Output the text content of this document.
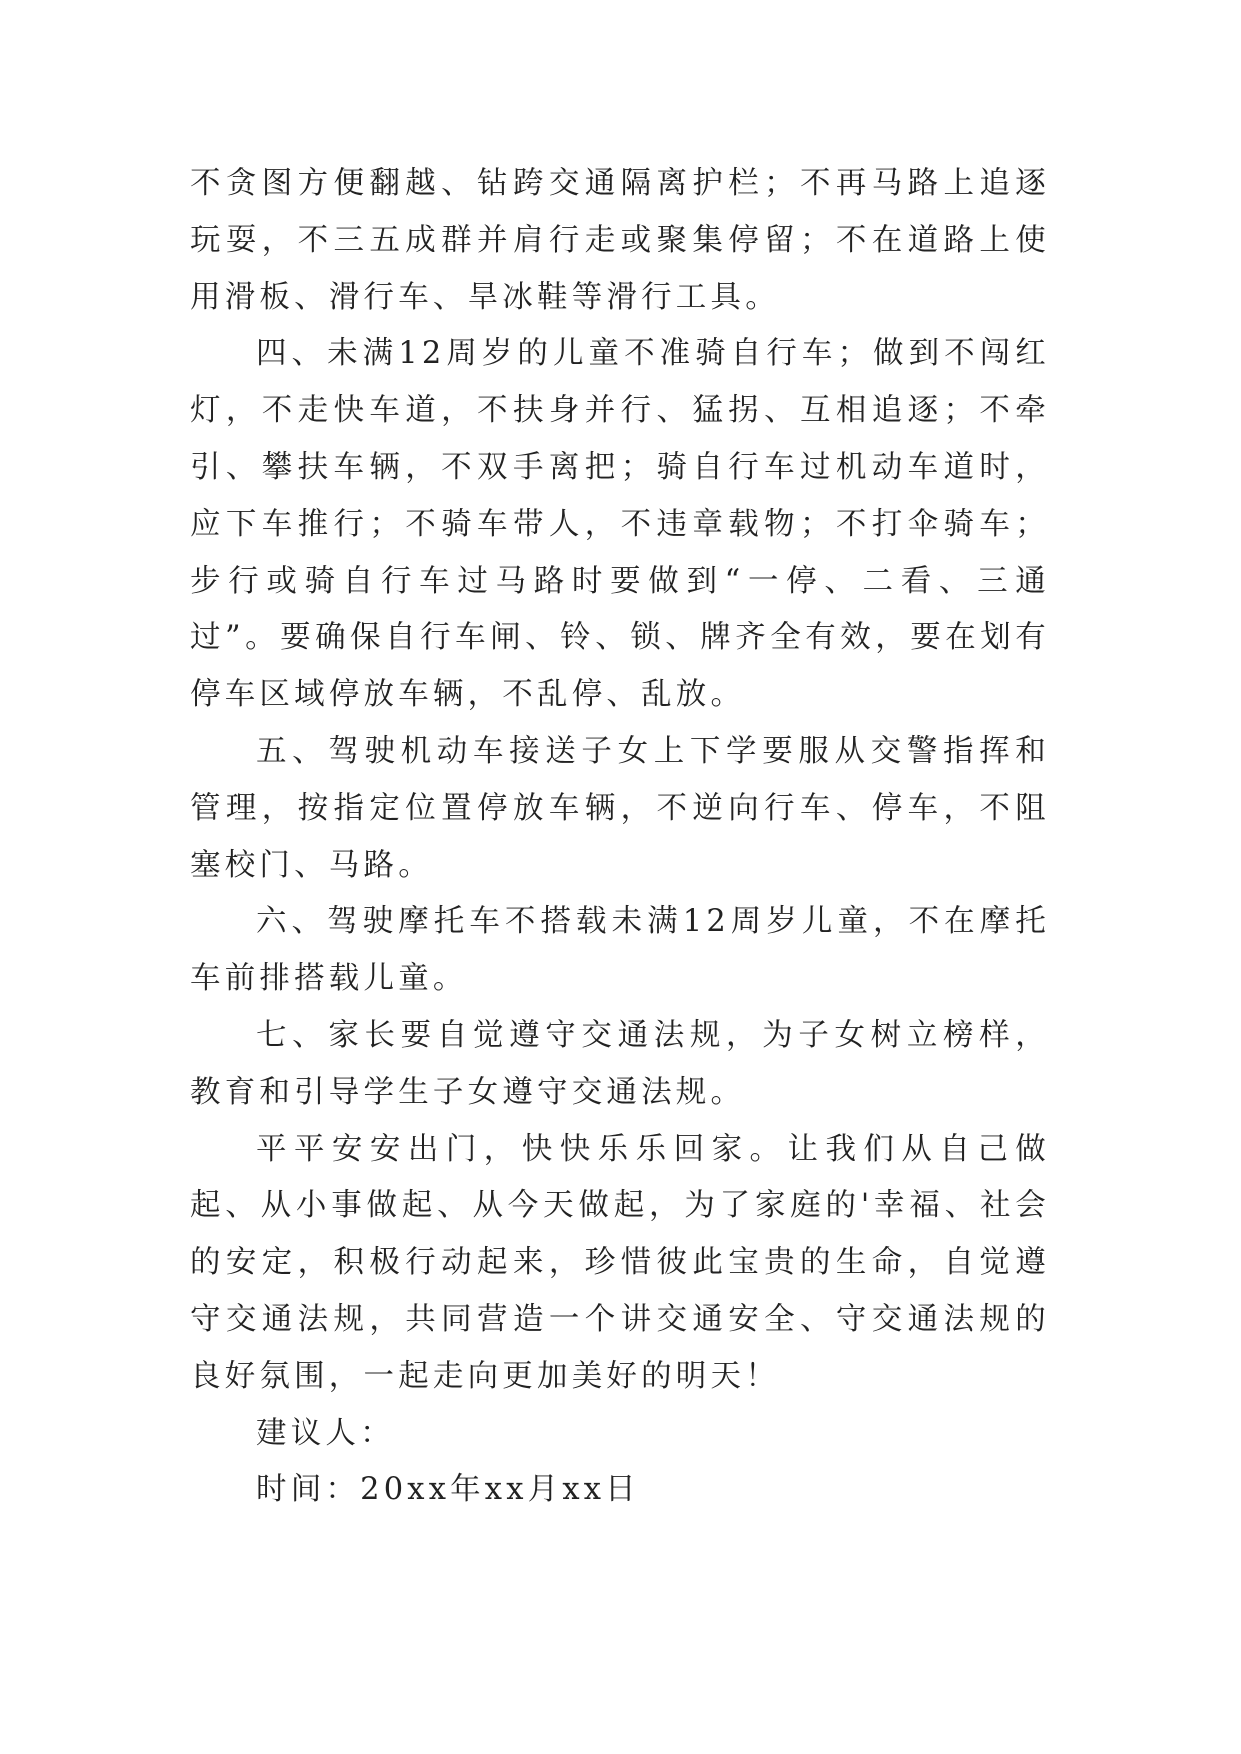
不贪图方便翻越、钻跨交通隔离护栏；不再马路上追逐玩耍，不三五成群并肩行走或聚集停留；不在道路上使用滑板、滑行车、旱冰鞋等滑行工具。

四、未满12周岁的儿童不准骑自行车；做到不闯红灯，不走快车道，不扶身并行、猛拐、互相追逐；不牵引、攀扶车辆，不双手离把；骑自行车过机动车道时，应下车推行；不骑车带人，不违章载物；不打伞骑车；步行或骑自行车过马路时要做到“一停、二看、三通过”。要确保自行车闸、铃、锁、牌齐全有效，要在划有停车区域停放车辆，不乱停、乱放。

五、驾驶机动车接送子女上下学要服从交警指挥和管理，按指定位置停放车辆，不逆向行车、停车，不阻塞校门、马路。

六、驾驶摩托车不搭载未满12周岁儿童，不在摩托车前排搭载儿童。

七、家长要自觉遵守交通法规，为子女树立榜样，教育和引导学生子女遵守交通法规。

平平安安出门，快快乐乐回家。让我们从自己做起、从小事做起、从今天做起，为了家庭的'幸福、社会的安定，积极行动起来，珍惜彼此宝贵的生命，自觉遵守交通法规，共同营造一个讲交通安全、守交通法规的良好氛围，一起走向更加美好的明天！

建议人：

时间：20xx年xx月xx日
